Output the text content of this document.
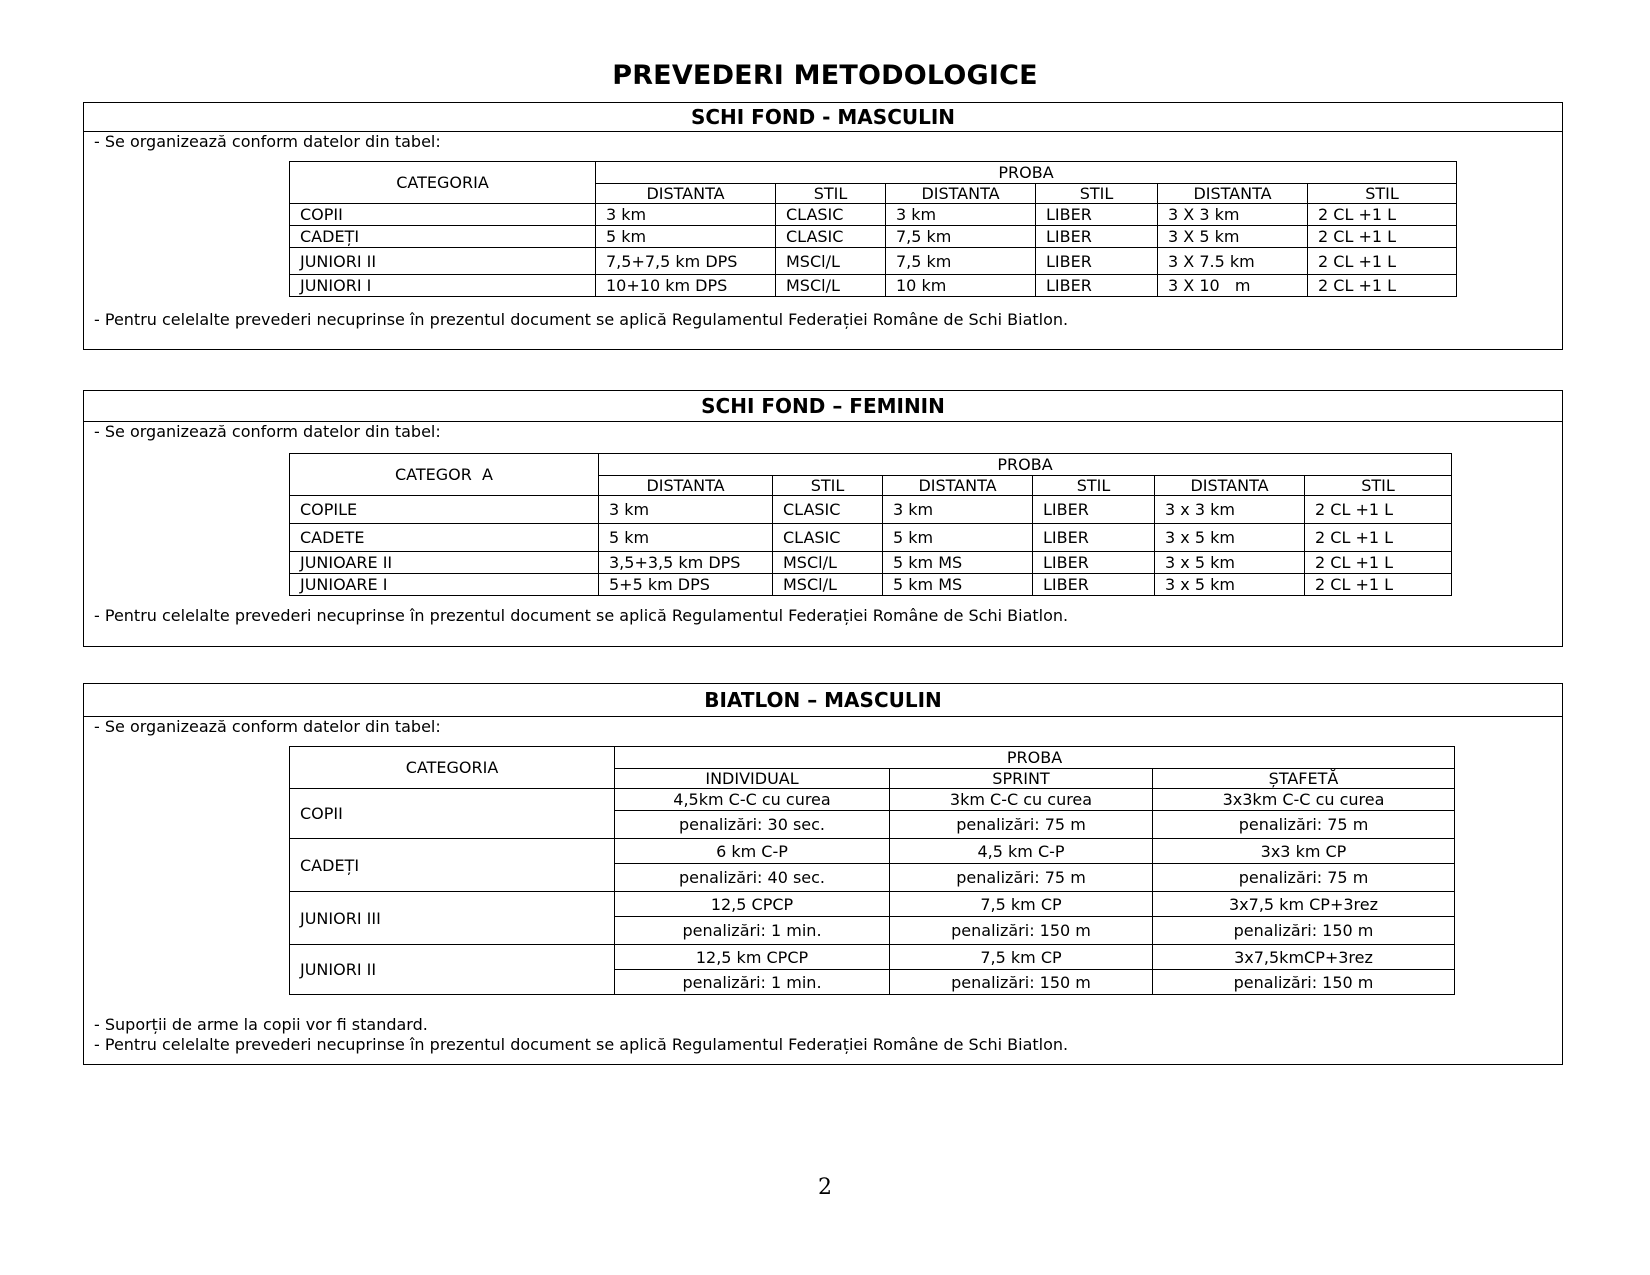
PREVEDERI METODOLOGICE
SCHI FOND - MASCULIN
- Se organizează conform datelor din tabel:
CATEGORIA	PROBA					
	DISTANTA	STIL	DISTANTA	STIL	DISTANTA	STIL
COPII	3 km	CLASIC	3 km	LIBER	3 X 3 km	2 CL +1 L
CADEȚI	5 km	CLASIC	7,5 km	LIBER	3 X 5 km	2 CL +1 L
JUNIORI II	7,5+7,5 km DPS	MSCl/L	7,5 km	LIBER	3 X 7.5 km	2 CL +1 L
JUNIORI I	10+10 km DPS	MSCl/L	10 km	LIBER	3 X 10   m	2 CL +1 L
- Pentru celelalte prevederi necuprinse în prezentul document se aplică Regulamentul Federației Române de Schi Biatlon.
SCHI FOND – FEMININ
- Se organizează conform datelor din tabel:
CATEGOR  A	PROBA					
	DISTANTA	STIL	DISTANTA	STIL	DISTANTA	STIL
COPILE	3 km	CLASIC	3 km	LIBER	3 x 3 km	2 CL +1 L
CADETE	5 km	CLASIC	5 km	LIBER	3 x 5 km	2 CL +1 L
JUNIOARE II	3,5+3,5 km DPS	MSCl/L	5 km MS	LIBER	3 x 5 km	2 CL +1 L
JUNIOARE I	5+5 km DPS	MSCl/L	5 km MS	LIBER	3 x 5 km	2 CL +1 L
- Pentru celelalte prevederi necuprinse în prezentul document se aplică Regulamentul Federației Române de Schi Biatlon.
BIATLON – MASCULIN
- Se organizează conform datelor din tabel:
CATEGORIA	PROBA		
	INDIVIDUAL	SPRINT	ȘTAFETĂ
COPII	4,5km C-C cu curea	3km C-C cu curea	3x3km C-C cu curea
	penalizări: 30 sec.	penalizări: 75 m	penalizări: 75 m
CADEȚI	6 km C-P	4,5 km C-P	3x3 km CP
	penalizări: 40 sec.	penalizări: 75 m	penalizări: 75 m
JUNIORI III	12,5 CPCP	7,5 km CP	3x7,5 km CP+3rez
	penalizări: 1 min.	penalizări: 150 m	penalizări: 150 m
JUNIORI II	12,5 km CPCP	7,5 km CP	3x7,5kmCP+3rez
	penalizări: 1 min.	penalizări: 150 m	penalizări: 150 m
- Suporții de arme la copii vor fi standard.
- Pentru celelalte prevederi necuprinse în prezentul document se aplică Regulamentul Federației Române de Schi Biatlon.
2
